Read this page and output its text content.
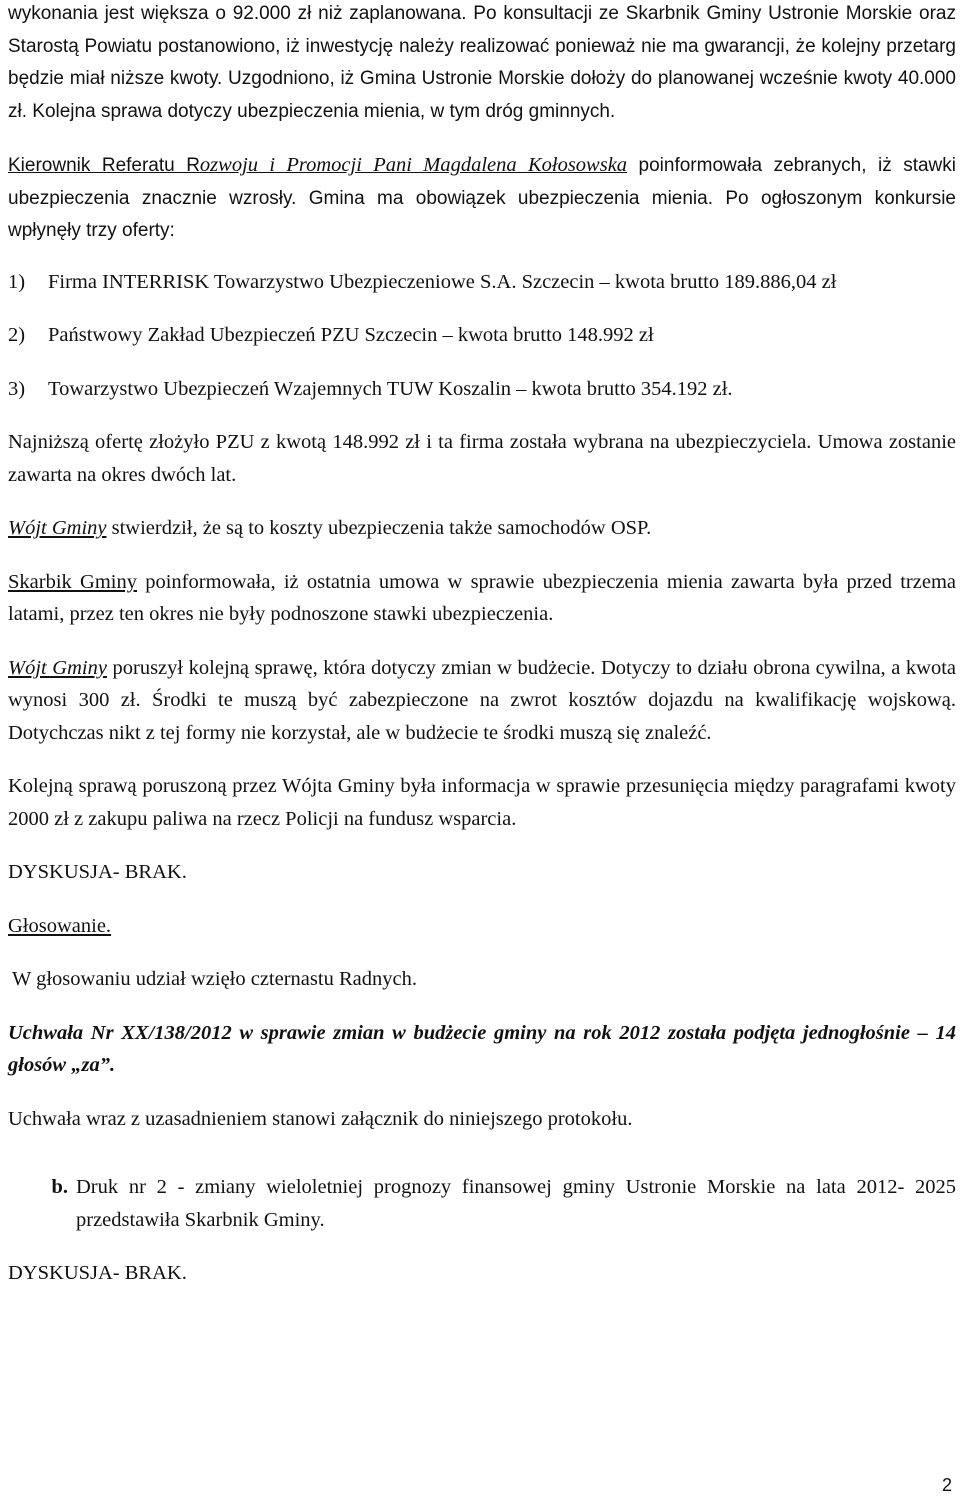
wykonania jest większa o 92.000 zł niż zaplanowana. Po konsultacji ze Skarbnik Gminy Ustronie Morskie oraz Starostą Powiatu postanowiono, iż inwestycję należy realizować ponieważ nie ma gwarancji, że kolejny przetarg będzie miał niższe kwoty. Uzgodniono, iż Gmina Ustronie Morskie dołoży do planowanej wcześnie kwoty 40.000 zł. Kolejna sprawa dotyczy ubezpieczenia mienia, w tym dróg gminnych.

Kierownik Referatu Rozwoju i Promocji Pani Magdalena Kołosowska poinformowała zebranych, iż stawki ubezpieczenia znacznie wzrosły. Gmina ma obowiązek ubezpieczenia mienia. Po ogłoszonym konkursie wpłynęły trzy oferty:

1)	Firma INTERRISK Towarzystwo Ubezpieczeniowe S.A. Szczecin – kwota brutto 189.886,04 zł
2)	Państwowy Zakład Ubezpieczeń PZU Szczecin – kwota brutto 148.992 zł
3)	Towarzystwo Ubezpieczeń Wzajemnych TUW Koszalin – kwota brutto 354.192 zł.

Najniższą ofertę złożyło PZU z kwotą 148.992 zł i ta firma została wybrana na ubezpieczyciela. Umowa zostanie zawarta na okres dwóch lat.

Wójt Gminy stwierdził, że są to koszty ubezpieczenia także samochodów OSP.

Skarbik Gminy poinformowała, iż ostatnia umowa w sprawie ubezpieczenia mienia zawarta była przed trzema latami, przez ten okres nie były podnoszone stawki ubezpieczenia.

Wójt Gminy poruszył kolejną sprawę, która dotyczy zmian w budżecie. Dotyczy to działu obrona cywilna, a kwota wynosi 300 zł. Środki te muszą być zabezpieczone na zwrot kosztów dojazdu na kwalifikację wojskową. Dotychczas nikt z tej formy nie korzystał, ale w budżecie te środki muszą się znaleźć.

Kolejną sprawą poruszoną przez Wójta Gminy była informacja w sprawie przesunięcia między paragrafami kwoty 2000 zł z zakupu paliwa na rzecz Policji na fundusz wsparcia.

DYSKUSJA- BRAK.

Głosowanie.

W głosowaniu udział wzięło czternastu Radnych.

Uchwała Nr XX/138/2012 w sprawie zmian w budżecie gminy na rok 2012 została podjęta jednogłośnie – 14 głosów „za”.

Uchwała wraz z uzasadnieniem stanowi załącznik do niniejszego protokołu.

b. Druk nr 2 - zmiany wieloletniej prognozy finansowej gminy Ustronie Morskie na lata 2012- 2025 przedstawiła Skarbnik Gminy.

DYSKUSJA- BRAK.

2
